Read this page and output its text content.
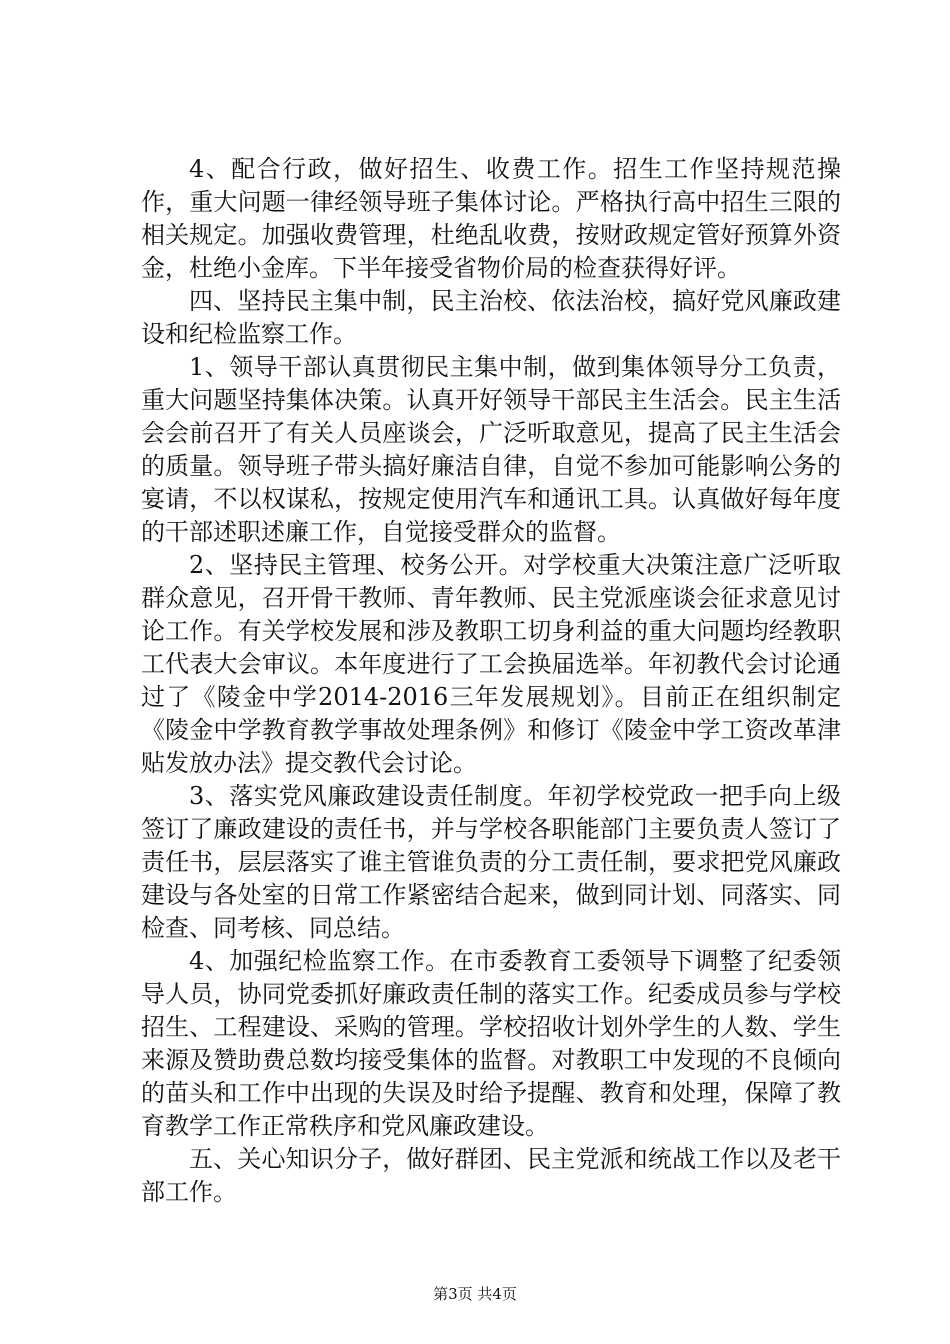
4、配合行政，做好招生、收费工作。招生工作坚持规范操作，重大问题一律经领导班子集体讨论。严格执行高中招生三限的相关规定。加强收费管理，杜绝乱收费，按财政规定管好预算外资金，杜绝小金库。下半年接受省物价局的检查获得好评。

四、坚持民主集中制，民主治校、依法治校，搞好党风廉政建设和纪检监察工作。

1、领导干部认真贯彻民主集中制，做到集体领导分工负责，重大问题坚持集体决策。认真开好领导干部民主生活会。民主生活会会前召开了有关人员座谈会，广泛听取意见，提高了民主生活会的质量。领导班子带头搞好廉洁自律，自觉不参加可能影响公务的宴请，不以权谋私，按规定使用汽车和通讯工具。认真做好每年度的干部述职述廉工作，自觉接受群众的监督。

2、坚持民主管理、校务公开。对学校重大决策注意广泛听取群众意见，召开骨干教师、青年教师、民主党派座谈会征求意见讨论工作。有关学校发展和涉及教职工切身利益的重大问题均经教职工代表大会审议。本年度进行了工会换届选举。年初教代会讨论通过了《陵金中学2014-2016三年发展规划》。目前正在组织制定《陵金中学教育教学事故处理条例》和修订《陵金中学工资改革津贴发放办法》提交教代会讨论。

3、落实党风廉政建设责任制度。年初学校党政一把手向上级签订了廉政建设的责任书，并与学校各职能部门主要负责人签订了责任书，层层落实了谁主管谁负责的分工责任制，要求把党风廉政建设与各处室的日常工作紧密结合起来，做到同计划、同落实、同检查、同考核、同总结。

4、加强纪检监察工作。在市委教育工委领导下调整了纪委领导人员，协同党委抓好廉政责任制的落实工作。纪委成员参与学校招生、工程建设、采购的管理。学校招收计划外学生的人数、学生来源及赞助费总数均接受集体的监督。对教职工中发现的不良倾向的苗头和工作中出现的失误及时给予提醒、教育和处理，保障了教育教学工作正常秩序和党风廉政建设。

五、关心知识分子，做好群团、民主党派和统战工作以及老干部工作。

第3页 共4页
